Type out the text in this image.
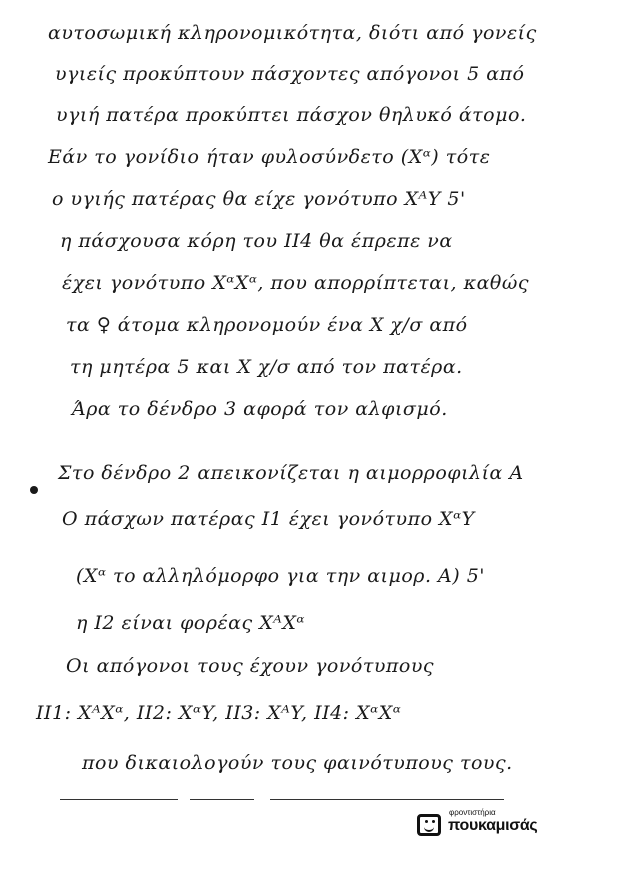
αυτοσωμική κληρονομικότητα, διότι από γονείς
υγιείς προκύπτουν πάσχοντες απόγονοι 5 από
υγιή πατέρα προκύπτει πάσχον θηλυκό άτομο.
Εάν το γονίδιο ήταν φυλοσύνδετο (Xᵅ) τότε
ο υγιής πατέρας θα είχε γονότυπο XᴬY 5'
η πάσχουσα κόρη του II4 θα έπρεπε να
έχει γονότυπο XᵅXᵅ, που απορρίπτεται, καθώς
τα ♀ άτομα κληρονομούν ένα X χ/σ από
τη μητέρα 5 και X χ/σ από τον πατέρα.
Άρα το δένδρο 3 αφορά τον αλφισμό.
Στο δένδρο 2 απεικονίζεται η αιμορροφιλία Α
Ο πάσχων πατέρας I1 έχει γονότυπο XᵅY
(Xᵅ το αλληλόμορφο για την αιμορ. Α) 5'
η I2 είναι φορέας XᴬXᵅ
Οι απόγονοι τους έχουν γονότυπους
II1: XᴬXᵅ, II2: XᵅY, II3: XᴬY, II4: XᵅXᵅ
που δικαιολογούν τους φαινότυπους τους.
φροντιστήρια
πουκαμισάς
